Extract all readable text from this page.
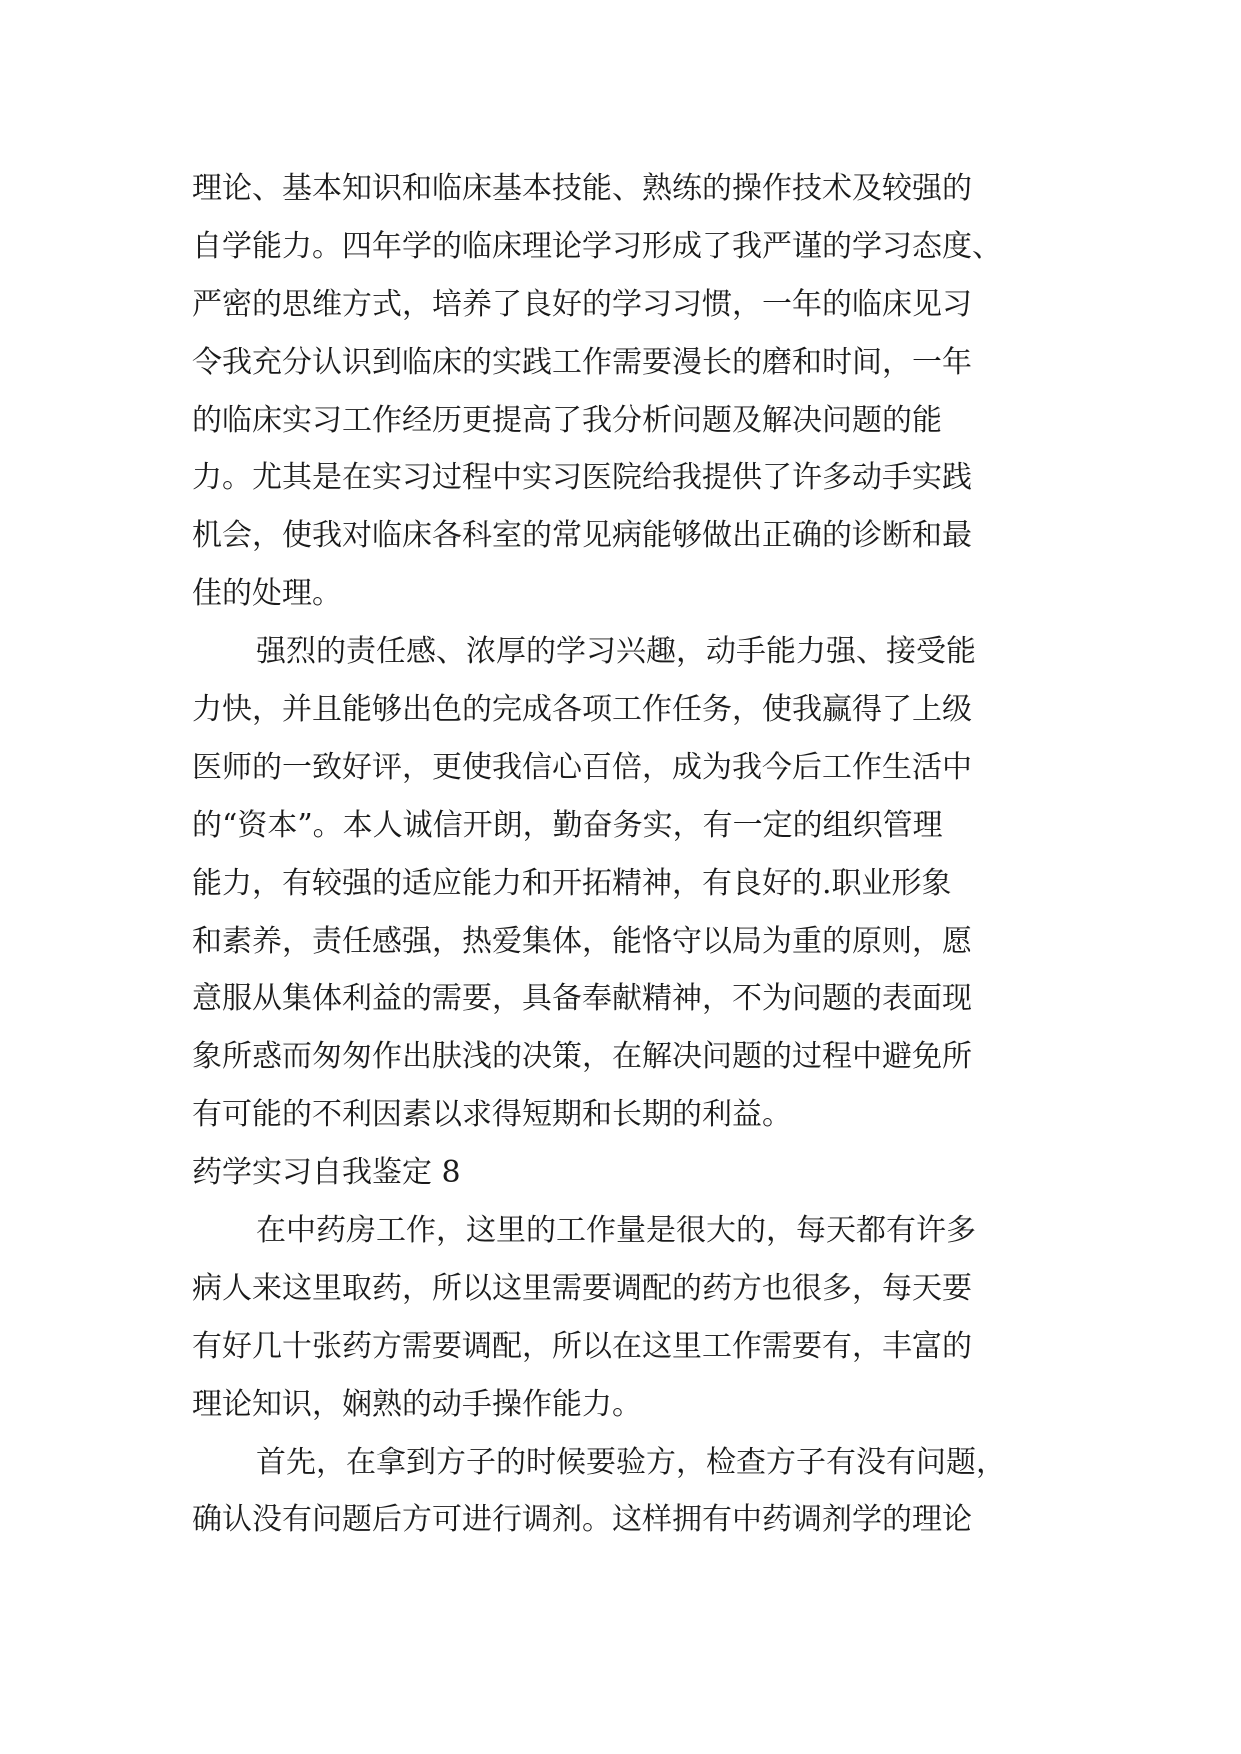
理论、基本知识和临床基本技能、熟练的操作技术及较强的
自学能力。四年学的临床理论学习形成了我严谨的学习态度、
严密的思维方式，培养了良好的学习习惯，一年的临床见习
令我充分认识到临床的实践工作需要漫长的磨和时间，一年
的临床实习工作经历更提高了我分析问题及解决问题的能
力。尤其是在实习过程中实习医院给我提供了许多动手实践
机会，使我对临床各科室的常见病能够做出正确的诊断和最
佳的处理。
强烈的责任感、浓厚的学习兴趣，动手能力强、接受能
力快，并且能够出色的完成各项工作任务，使我赢得了上级
医师的一致好评，更使我信心百倍，成为我今后工作生活中
的“资本”。本人诚信开朗，勤奋务实，有一定的组织管理
能力，有较强的适应能力和开拓精神，有良好的.职业形象
和素养，责任感强，热爱集体，能恪守以局为重的原则，愿
意服从集体利益的需要，具备奉献精神，不为问题的表面现
象所惑而匆匆作出肤浅的决策，在解决问题的过程中避免所
有可能的不利因素以求得短期和长期的利益。
药学实习自我鉴定 8
在中药房工作，这里的工作量是很大的，每天都有许多
病人来这里取药，所以这里需要调配的药方也很多，每天要
有好几十张药方需要调配，所以在这里工作需要有，丰富的
理论知识，娴熟的动手操作能力。
首先，在拿到方子的时候要验方，检查方子有没有问题，
确认没有问题后方可进行调剂。这样拥有中药调剂学的理论
